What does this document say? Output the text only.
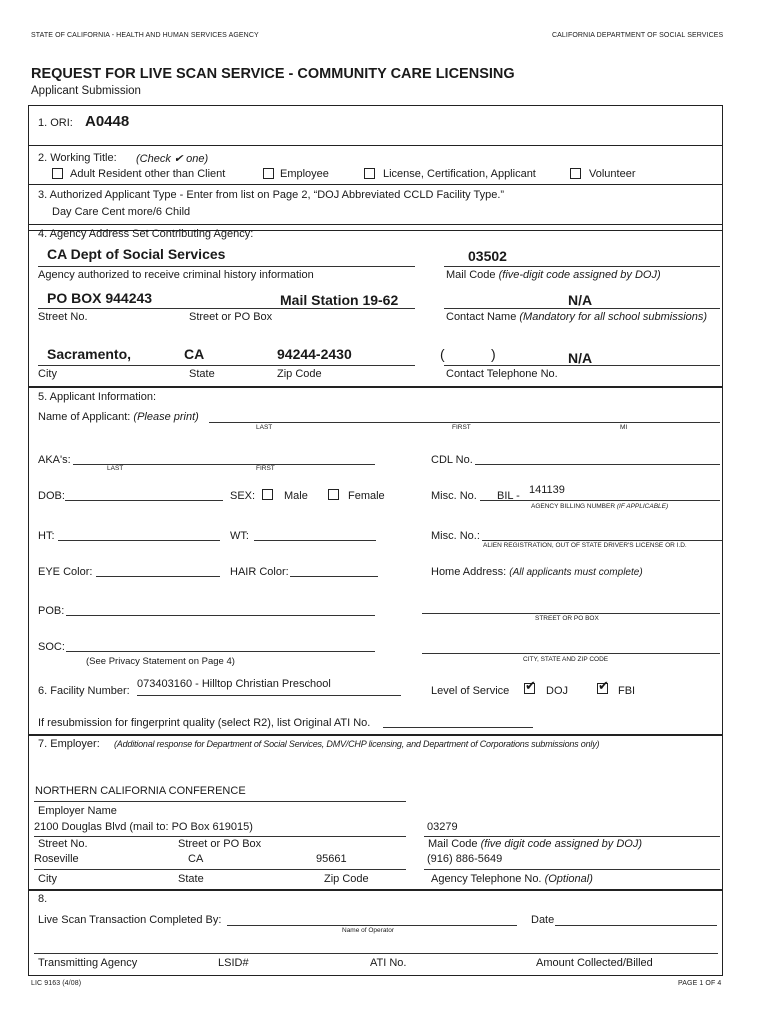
STATE OF CALIFORNIA - HEALTH AND HUMAN SERVICES AGENCY	CALIFORNIA DEPARTMENT OF SOCIAL SERVICES
REQUEST FOR LIVE SCAN SERVICE - COMMUNITY CARE LICENSING
Applicant Submission
1. ORI: A0448
2. Working Title: (Check ✔ one)
Adult Resident other than Client	Employee	License, Certification, Applicant	Volunteer
3. Authorized Applicant Type - Enter from list on Page 2, “DOJ Abbreviated CCLD Facility Type.”
Day Care Cent more/6 Child
4. Agency Address Set Contributing Agency:
CA Dept of Social Services
Agency authorized to receive criminal history information
03502
Mail Code (five-digit code assigned by DOJ)
PO BOX 944243	Mail Station 19-62
Street No.	Street or PO Box
N/A
Contact Name (Mandatory for all school submissions)
Sacramento,	CA	94244-2430
City	State	Zip Code
(	)	N/A
Contact Telephone No.
5. Applicant Information:
Name of Applicant: (Please print)
LAST	FIRST	MI
AKA's:
LAST	FIRST
CDL No.
DOB:	SEX:	Male	Female	Misc. No. BIL - 141139
AGENCY BILLING NUMBER (IF APPLICABLE)
HT:	WT:	Misc. No.:
ALIEN REGISTRATION, OUT OF STATE DRIVER'S LICENSE OR I.D.
EYE Color:	HAIR Color:	Home Address: (All applicants must complete)
POB:
STREET OR PO BOX
SOC:
(See Privacy Statement on Page 4)	CITY, STATE AND ZIP CODE
6. Facility Number:
073403160 - Hilltop Christian Preschool
Level of Service ✔ DOJ ✔ FBI
If resubmission for fingerprint quality (select R2), list Original ATI No.
7. Employer: (Additional response for Department of Social Services, DMV/CHP licensing, and Department of Corporations submissions only)
NORTHERN CALIFORNIA CONFERENCE
Employer Name
2100 Douglas Blvd (mail to: PO Box 619015)	03279
Street No.	Street or PO Box	Mail Code (five digit code assigned by DOJ)
Roseville	CA	95661	(916) 886-5649
City	State	Zip Code	Agency Telephone No. (Optional)
8.
Live Scan Transaction Completed By:
Name of Operator
Date
Transmitting Agency	LSID#	ATI No.	Amount Collected/Billed
LIC 9163 (4/08)	PAGE 1 OF 4
